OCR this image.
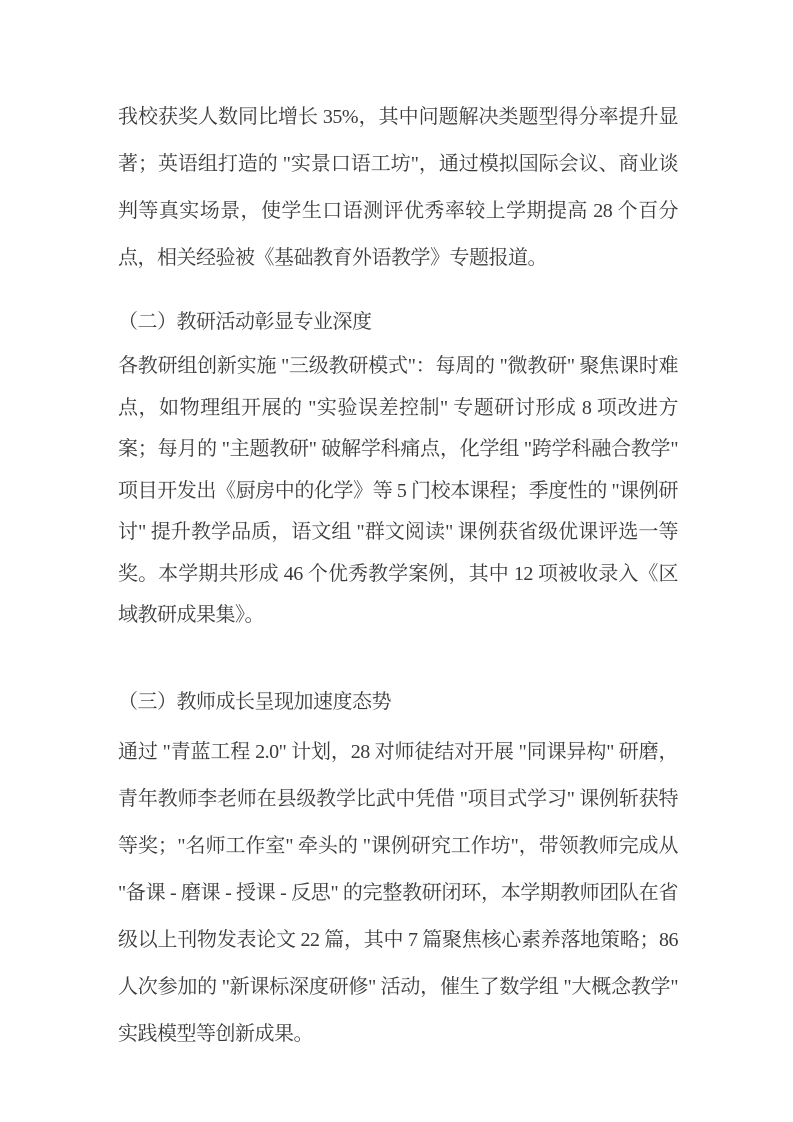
我校获奖人数同比增长 35%，其中问题解决类题型得分率提升显著；英语组打造的 "实景口语工坊"，通过模拟国际会议、商业谈判等真实场景，使学生口语测评优秀率较上学期提高 28 个百分点，相关经验被《基础教育外语教学》专题报道。

（二）教研活动彰显专业深度

各教研组创新实施 "三级教研模式"：每周的 "微教研" 聚焦课时难点，如物理组开展的 "实验误差控制" 专题研讨形成 8 项改进方案；每月的 "主题教研" 破解学科痛点，化学组 "跨学科融合教学" 项目开发出《厨房中的化学》等 5 门校本课程；季度性的 "课例研讨" 提升教学品质，语文组 "群文阅读" 课例获省级优课评选一等奖。本学期共形成 46 个优秀教学案例，其中 12 项被收录入《区域教研成果集》。

（三）教师成长呈现加速度态势

通过 "青蓝工程 2.0" 计划，28 对师徒结对开展 "同课异构" 研磨，青年教师李老师在县级教学比武中凭借 "项目式学习" 课例斩获特等奖；"名师工作室" 牵头的 "课例研究工作坊"，带领教师完成从 "备课 - 磨课 - 授课 - 反思" 的完整教研闭环，本学期教师团队在省级以上刊物发表论文 22 篇，其中 7 篇聚焦核心素养落地策略；86 人次参加的 "新课标深度研修" 活动，催生了数学组 "大概念教学" 实践模型等创新成果。
